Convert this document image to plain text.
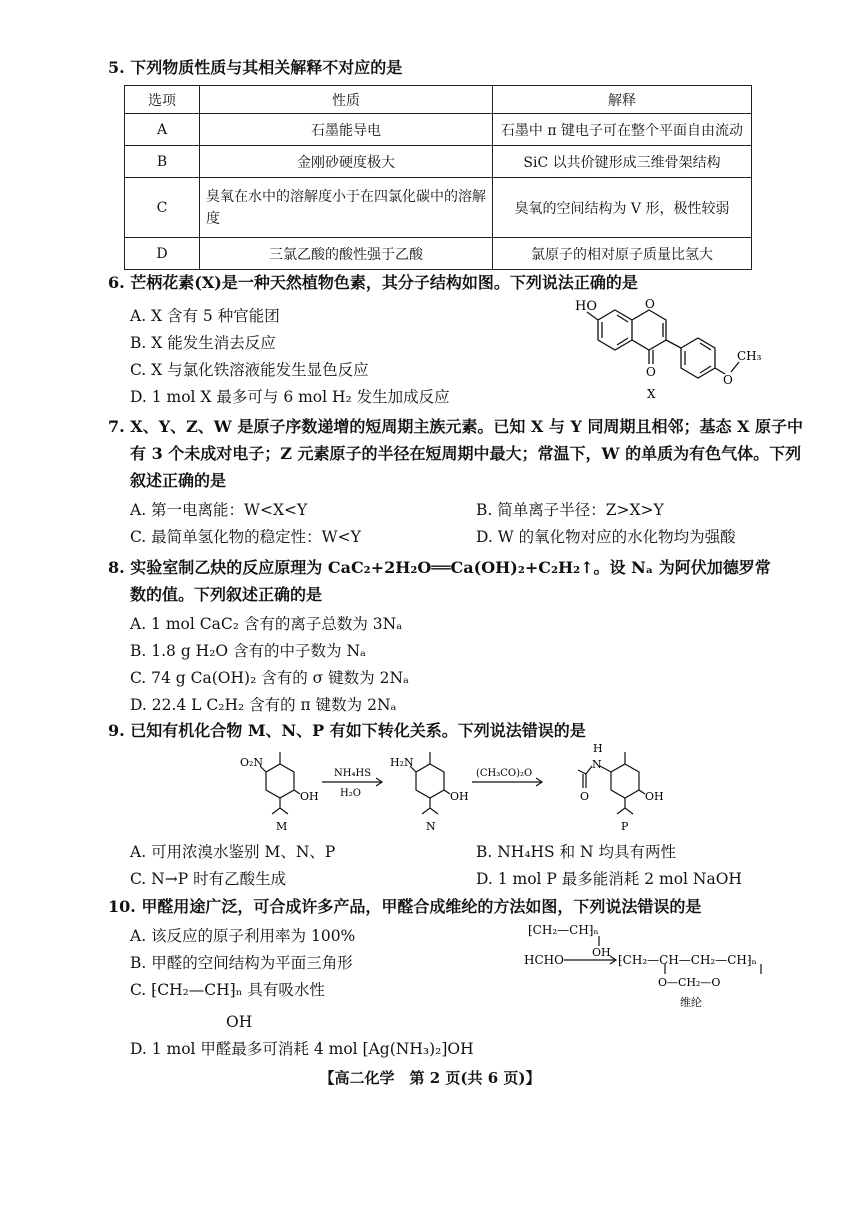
5. 下列物质性质与其相关解释不对应的是
选项	性质	解释
A	石墨能导电	石墨中 π 键电子可在整个平面自由流动
B	金刚砂硬度极大	SiC 以共价键形成三维骨架结构
C	臭氧在水中的溶解度小于在四氯化碳中的溶解度	臭氧的空间结构为 V 形，极性较弱
D	三氯乙酸的酸性强于乙酸	氯原子的相对原子质量比氢大
6. 芒柄花素(X)是一种天然植物色素，其分子结构如图。下列说法正确的是
A. X 含有 5 种官能团
B. X 能发生消去反应
C. X 与氯化铁溶液能发生显色反应
D. 1 mol X 最多可与 6 mol H₂ 发生加成反应
HO	O
O
O
CH₃
X
7. X、Y、Z、W 是原子序数递增的短周期主族元素。已知 X 与 Y 同周期且相邻；基态 X 原子中
有 3 个未成对电子；Z 元素原子的半径在短周期中最大；常温下，W 的单质为有色气体。下列
叙述正确的是
A. 第一电离能：W<X<Y	B. 简单离子半径：Z>X>Y
C. 最简单氢化物的稳定性：W<Y	D. W 的氧化物对应的水化物均为强酸
8. 实验室制乙炔的反应原理为 CaC₂+2H₂O══Ca(OH)₂+C₂H₂↑。设 Nₐ 为阿伏加德罗常
数的值。下列叙述正确的是
A. 1 mol CaC₂ 含有的离子总数为 3Nₐ
B. 1.8 g H₂O 含有的中子数为 Nₐ
C. 74 g Ca(OH)₂ 含有的 σ 键数为 2Nₐ
D. 22.4 L C₂H₂ 含有的 π 键数为 2Nₐ
9. 已知有机化合物 M、N、P 有如下转化关系。下列说法错误的是
O₂N
OH
M
NH₄HS
H₂O
H₂N
OH
N
(CH₃CO)₂O
H
N
O	OH
P
A. 可用浓溴水鉴别 M、N、P	B. NH₄HS 和 N 均具有两性
C. N→P 时有乙酸生成	D. 1 mol P 最多能消耗 2 mol NaOH
10. 甲醛用途广泛，可合成许多产品，甲醛合成维纶的方法如图，下列说法错误的是
A. 该反应的原子利用率为 100%
B. 甲醛的空间结构为平面三角形
C. ⁅CH₂—CH⁆ₙ 具有吸水性
OH
D. 1 mol 甲醛最多可消耗 4 mol [Ag(NH₃)₂]OH
⁅CH₂—CH⁆ₙ
OH
HCHO	⁅CH₂—CH—CH₂—CH⁆ₙ
O—CH₂—O
维纶
【高二化学　第 2 页(共 6 页)】
